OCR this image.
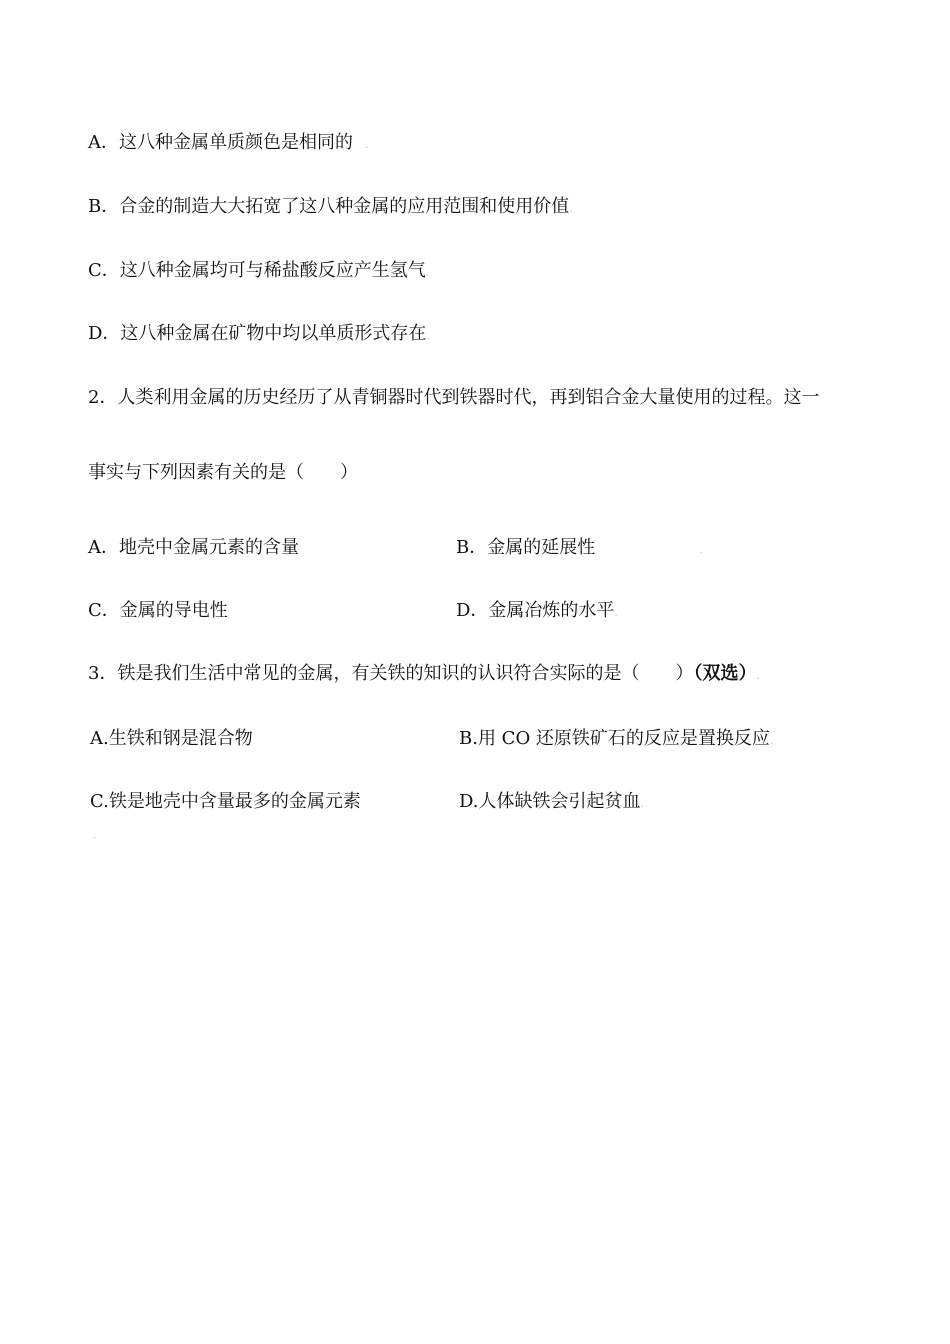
A．这八种金属单质颜色是相同的 .
B．合金的制造大大拓宽了这八种金属的应用范围和使用价值.
C．这八种金属均可与稀盐酸反应产生氢气.
D．这八种金属在矿物中均以单质形式存在.
2．人类利用金属的历史经历了从青铜器时代到铁器时代，再到铝合金大量使用的过程。这一
事实与下列因素有关的是（　　）
A．地壳中金属元素的含量	B．金属的延展性	.
C．金属的导电性	D．金属冶炼的水平.
3．铁是我们生活中常见的金属，有关铁的知识的认识符合实际的是（　　）（双选）.
A.生铁和钢是混合物	B.用 CO 还原铁矿石的反应是置换反应.
C.铁是地壳中含量最多的金属元素	D.人体缺铁会引起贫血.
.
